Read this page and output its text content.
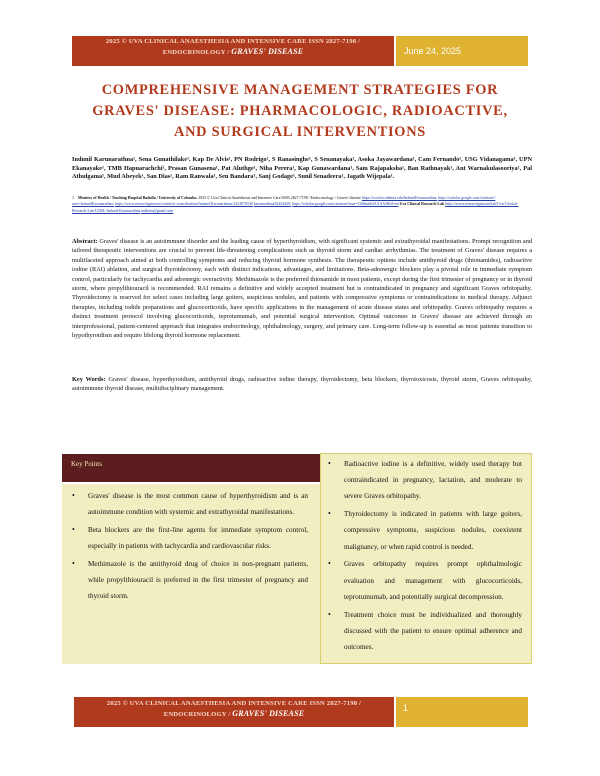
2025 © UVA CLINICAL ANAESTHESIA AND INTENSIVE CARE ISSN 2827-7198 /
ENDOCRINOLOGY / GRAVES' DISEASE	June 24, 2025
COMPREHENSIVE MANAGEMENT STRATEGIES FOR
GRAVES' DISEASE: PHARMACOLOGIC, RADIOACTIVE,
AND SURGICAL INTERVENTIONS
Indunil Karunarathna¹, Sena Gunathilake¹, Kap De Alvis¹, PN Rodrigo¹, S Ranasinghe¹, S Senanayaka¹, Asoka Jayawardana¹, Cam Fernando¹, USG Vidanagama¹, UPN Ekanayake¹, TMB Hapuarachchi¹, Prasan Gunasena¹, Pat Aluthge¹, Niha Perera¹, Kap Gunawardana¹, Sam Rajapaksha¹, Ban Rathnayak¹, Ant Warnakulasooriya¹, Pal Athulgama¹, Mud Abeyek¹, San Dias¹, Ram Ranwala¹, Sen Bandara¹, Sanj Godage¹, Sunil Senadeera¹, Jagath Wijepala¹.
1. Ministry of Health / Teaching Hospital Badulla / University of Colombo. 2025 © Uva Clinical Anaesthesia and Intensive Care ISSN 2827-7198 / Endocrinology / Graves' disease https://orcid.academia.edu/IndunilKarunarathna, https://scholar.google.com/citations?user=IndunilKarunarathne, https://www.researchgate.net/scientific-contributions/Indunil-Karunarathna-2254876540 karunarathna/Ik4ZbZi8, https://scholar.google.com/citations?user=CkRmnk4AAAAJ&hl=en Uva Clinical Research Lab https://www.researchgate.net/lab/Uva-Clinical-Research-Lab-UCRL-Indunil-Karunarathna indkaru@gmail.com
Abstract: Graves' disease is an autoimmune disorder and the leading cause of hyperthyroidism, with significant systemic and extrathyroidal manifestations. Prompt recognition and tailored therapeutic interventions are crucial to prevent life-threatening complications such as thyroid storm and cardiac arrhythmias. The treatment of Graves' disease requires a multifaceted approach aimed at both controlling symptoms and reducing thyroid hormone synthesis. The therapeutic options include antithyroid drugs (thionamides), radioactive iodine (RAI) ablation, and surgical thyroidectomy, each with distinct indications, advantages, and limitations. Beta-adrenergic blockers play a pivotal role in immediate symptom control, particularly for tachycardia and adrenergic overactivity. Methimazole is the preferred thionamide in most patients, except during the first trimester of pregnancy or in thyroid storm, where propylthiouracil is recommended. RAI remains a definitive and widely accepted treatment but is contraindicated in pregnancy and significant Graves orbitopathy. Thyroidectomy is reserved for select cases including large goiters, suspicious nodules, and patients with compressive symptoms or contraindications to medical therapy. Adjunct therapies, including iodide preparations and glucocorticoids, have specific applications in the management of acute disease states and orbitopathy. Graves orbitopathy requires a distinct treatment protocol involving glucocorticoids, teprotumumab, and potential surgical intervention. Optimal outcomes in Graves' disease are achieved through an interprofessional, patient-centered approach that integrates endocrinology, ophthalmology, surgery, and primary care. Long-term follow-up is essential as most patients transition to hypothyroidism and require lifelong thyroid hormone replacement.
Key Words: Graves' disease, hyperthyroidism, antithyroid drugs, radioactive iodine therapy, thyroidectomy, beta blockers, thyrotoxicosis, thyroid storm, Graves orbitopathy, autoimmune thyroid disease, multidisciplinary management.
Key Points
• Graves' disease is the most common cause of hyperthyroidism and is an autoimmune condition with systemic and extrathyroidal manifestations.
• Beta blockers are the first-line agents for immediate symptom control, especially in patients with tachycardia and cardiovascular risks.
• Methimazole is the antithyroid drug of choice in non-pregnant patients, while propylthiouracil is preferred in the first trimester of pregnancy and thyroid storm.
• Radioactive iodine is a definitive, widely used therapy but contraindicated in pregnancy, lactation, and moderate to severe Graves orbitopathy.
• Thyroidectomy is indicated in patients with large goiters, compressive symptoms, suspicious nodules, coexistent malignancy, or when rapid control is needed.
• Graves orbitopathy requires prompt ophthalmologic evaluation and management with glucocorticoids, teprotumumab, and potentially surgical decompression.
• Treatment choice must be individualized and thoroughly discussed with the patient to ensure optimal adherence and outcomes.
2025 © UVA CLINICAL ANAESTHESIA AND INTENSIVE CARE ISSN 2827-7198 /
ENDOCRINOLOGY / GRAVES' DISEASE
1
